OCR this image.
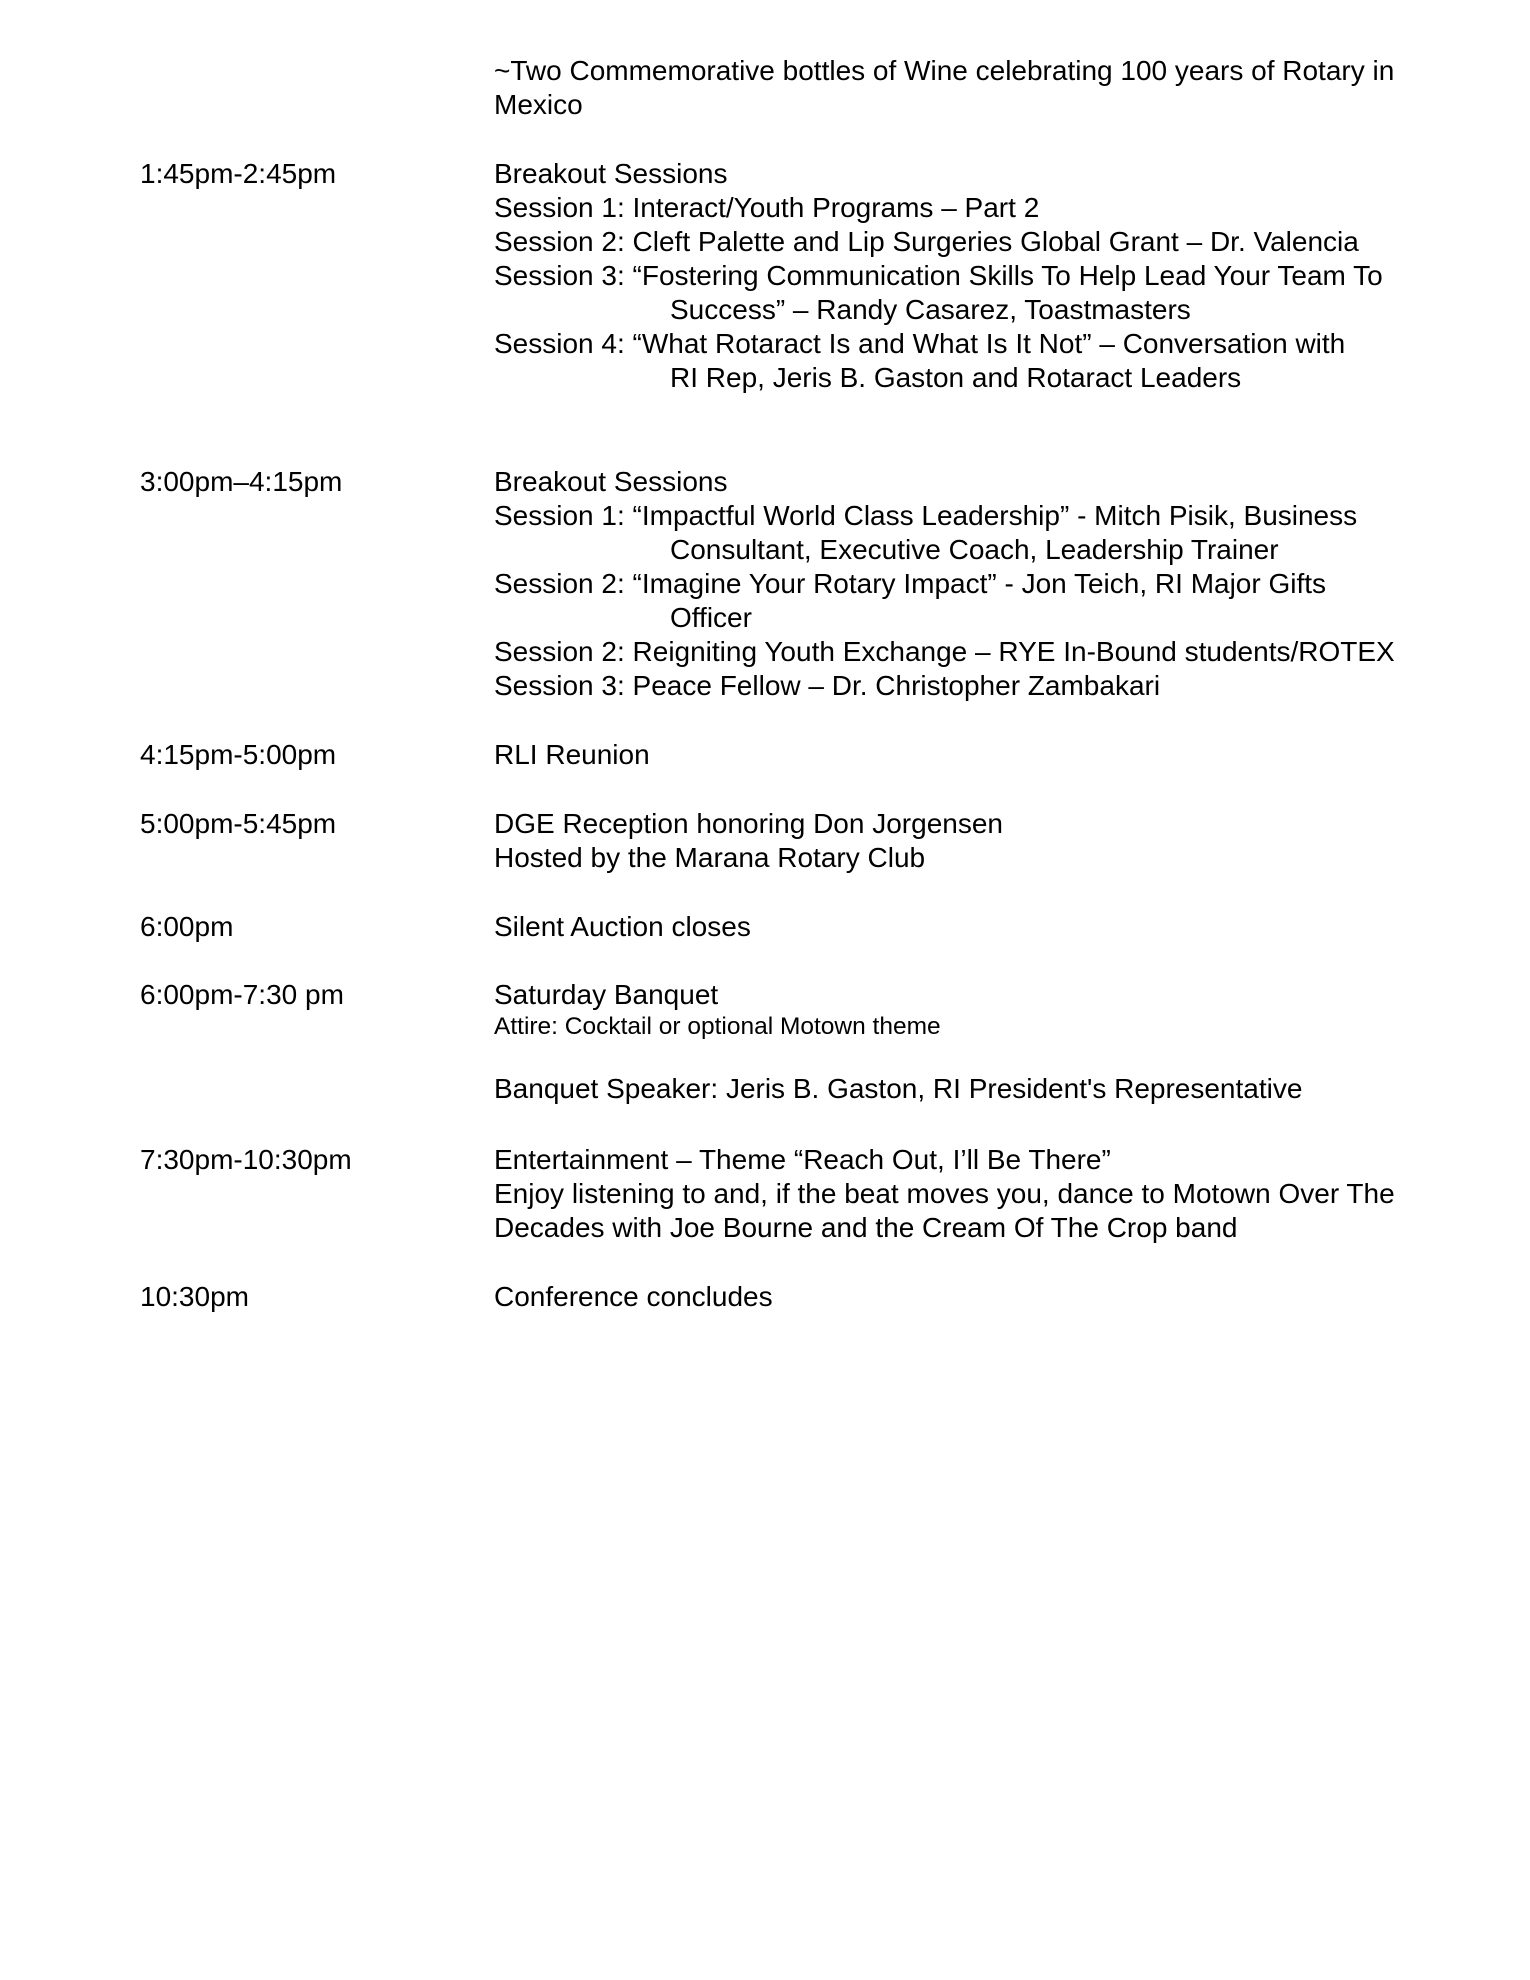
~Two Commemorative bottles of Wine celebrating 100 years of Rotary in
Mexico
1:45pm-2:45pm	Breakout Sessions
Session 1: Interact/Youth Programs – Part 2
Session 2: Cleft Palette and Lip Surgeries Global Grant – Dr. Valencia
Session 3: “Fostering Communication Skills To Help Lead Your Team To
Success” – Randy Casarez, Toastmasters
Session 4: “What Rotaract Is and What Is It Not” – Conversation with
RI Rep, Jeris B. Gaston and Rotaract Leaders
3:00pm–4:15pm	Breakout Sessions
Session 1: “Impactful World Class Leadership” - Mitch Pisik, Business
Consultant, Executive Coach, Leadership Trainer
Session 2: “Imagine Your Rotary Impact” - Jon Teich, RI Major Gifts
Officer
Session 2: Reigniting Youth Exchange – RYE In-Bound students/ROTEX
Session 3: Peace Fellow – Dr. Christopher Zambakari
4:15pm-5:00pm	RLI Reunion
5:00pm-5:45pm	DGE Reception honoring Don Jorgensen
Hosted by the Marana Rotary Club
6:00pm	Silent Auction closes
6:00pm-7:30 pm	Saturday Banquet
Attire: Cocktail or optional Motown theme
Banquet Speaker: Jeris B. Gaston, RI President's Representative
7:30pm-10:30pm	Entertainment – Theme “Reach Out, I’ll Be There”
Enjoy listening to and, if the beat moves you, dance to Motown Over The
Decades with Joe Bourne and the Cream Of The Crop band
10:30pm	Conference concludes
